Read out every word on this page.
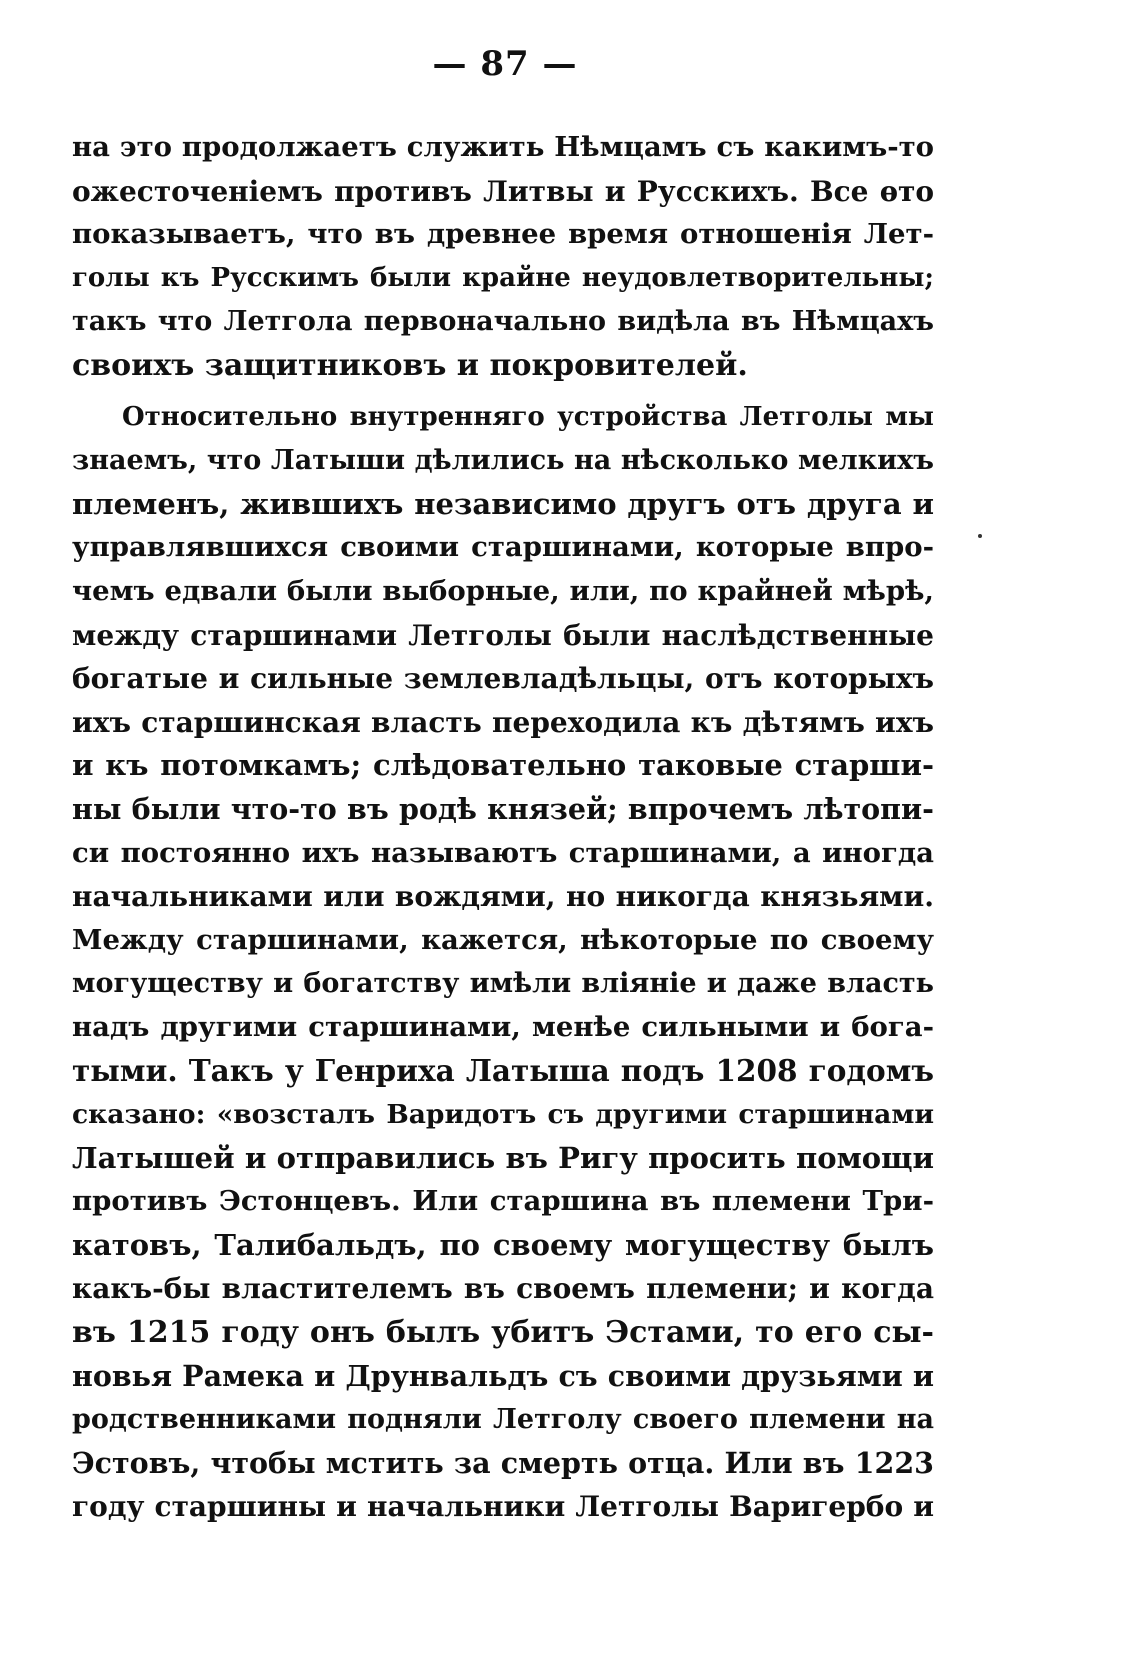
— 87 —
на это продолжаетъ служить Нѣмцамъ съ какимъ-то
ожесточеніемъ противъ Литвы и Русскихъ. Все ѳто
показываетъ, что въ древнее время отношенія Лет-
голы къ Русскимъ были крайне неудовлетворительны;
такъ что Летгола первоначально видѣла въ Нѣмцахъ
своихъ защитниковъ и покровителей.
Относительно внутренняго устройства Летголы мы
знаемъ, что Латыши дѣлились на нѣсколько мелкихъ
племенъ, жившихъ независимо другъ отъ друга и
управлявшихся своими старшинами, которые впро-
чемъ едвали были выборные, или, по крайней мѣрѣ,
между старшинами Летголы были наслѣдственные
богатые и сильные землевладѣльцы, отъ которыхъ
ихъ старшинская власть переходила къ дѣтямъ ихъ
и къ потомкамъ; слѣдовательно таковые старши-
ны были что-то въ родѣ князей; впрочемъ лѣтопи-
си постоянно ихъ называютъ старшинами, а иногда
начальниками или вождями, но никогда князьями.
Между старшинами, кажется, нѣкоторые по своему
могуществу и богатству имѣли вліяніе и даже власть
надъ другими старшинами, менѣе сильными и бога-
тыми. Такъ у Генриха Латыша подъ 1208 годомъ
сказано: «возсталъ Варидотъ съ другими старшинами
Латышей и отправились въ Ригу просить помощи
противъ Эстонцевъ. Или старшина въ племени Три-
катовъ, Талибальдъ, по своему могуществу былъ
какъ-бы властителемъ въ своемъ племени; и когда
въ 1215 году онъ былъ убитъ Эстами, то его сы-
новья Рамека и Друнвальдъ съ своими друзьями и
родственниками подняли Летголу своего племени на
Эстовъ, чтобы мстить за смерть отца. Или въ 1223
году старшины и начальники Летголы Варигербо и
